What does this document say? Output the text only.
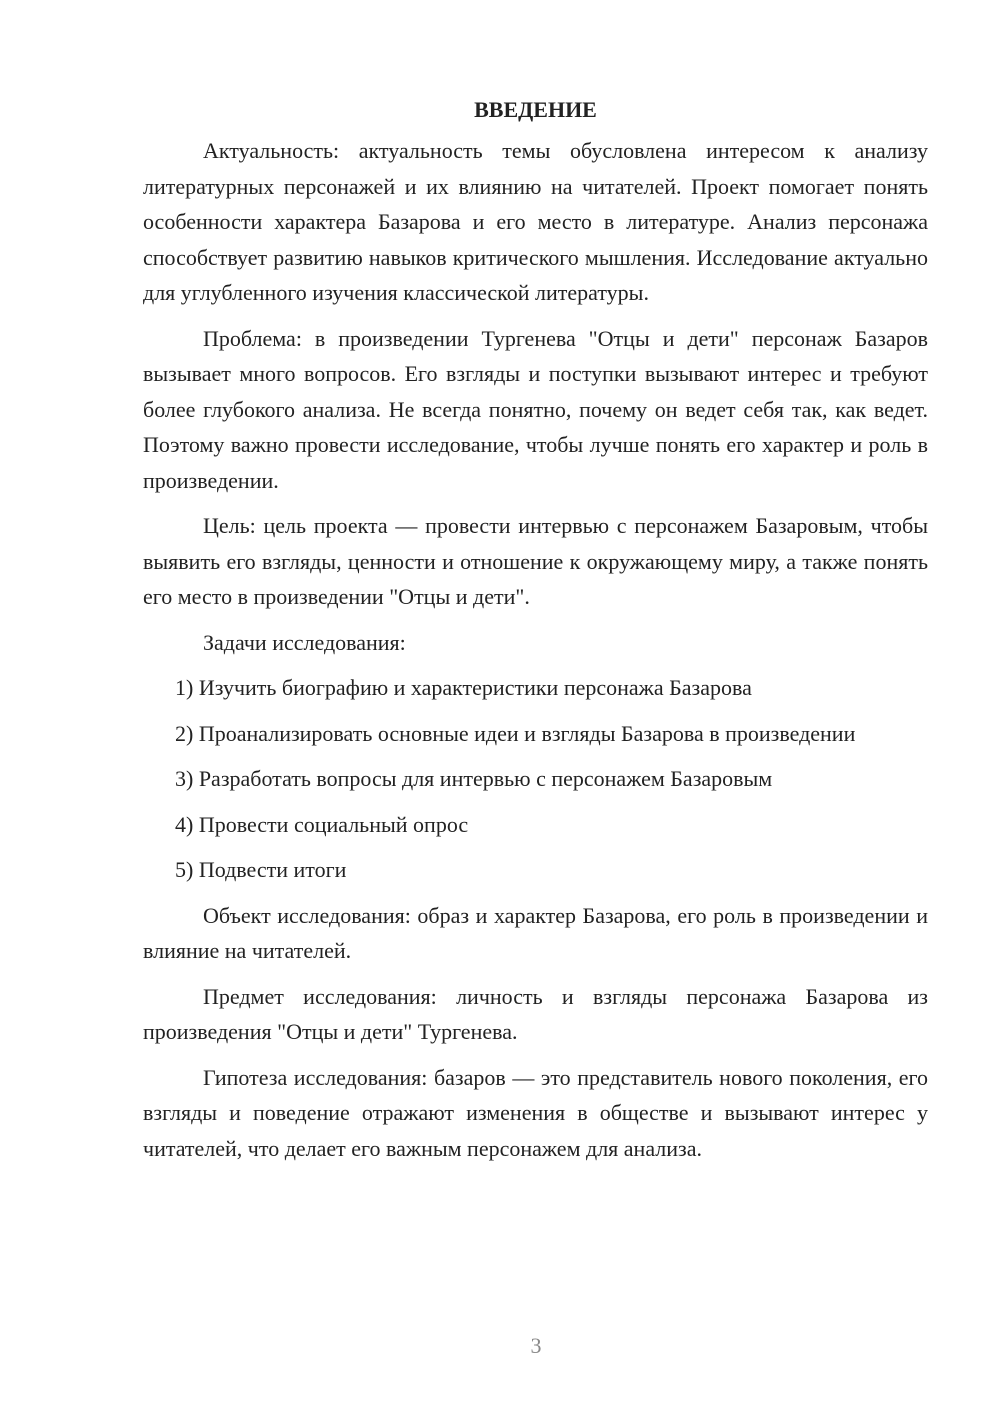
ВВЕДЕНИЕ

Актуальность: актуальность темы обусловлена интересом к анализу литературных персонажей и их влиянию на читателей. Проект помогает понять особенности характера Базарова и его место в литературе. Анализ персонажа способствует развитию навыков критического мышления. Исследование актуально для углубленного изучения классической литературы.

Проблема: в произведении Тургенева "Отцы и дети" персонаж Базаров вызывает много вопросов. Его взгляды и поступки вызывают интерес и требуют более глубокого анализа. Не всегда понятно, почему он ведет себя так, как ведет. Поэтому важно провести исследование, чтобы лучше понять его характер и роль в произведении.

Цель: цель проекта — провести интервью с персонажем Базаровым, чтобы выявить его взгляды, ценности и отношение к окружающему миру, а также понять его место в произведении "Отцы и дети".

Задачи исследования:

1) Изучить биографию и характеристики персонажа Базарова

2) Проанализировать основные идеи и взгляды Базарова в произведении

3) Разработать вопросы для интервью с персонажем Базаровым

4) Провести социальный опрос

5) Подвести итоги

Объект исследования: образ и характер Базарова, его роль в произведении и влияние на читателей.

Предмет исследования: личность и взгляды персонажа Базарова из произведения "Отцы и дети" Тургенева.

Гипотеза исследования: базаров — это представитель нового поколения, его взгляды и поведение отражают изменения в обществе и вызывают интерес у читателей, что делает его важным персонажем для анализа.

3
